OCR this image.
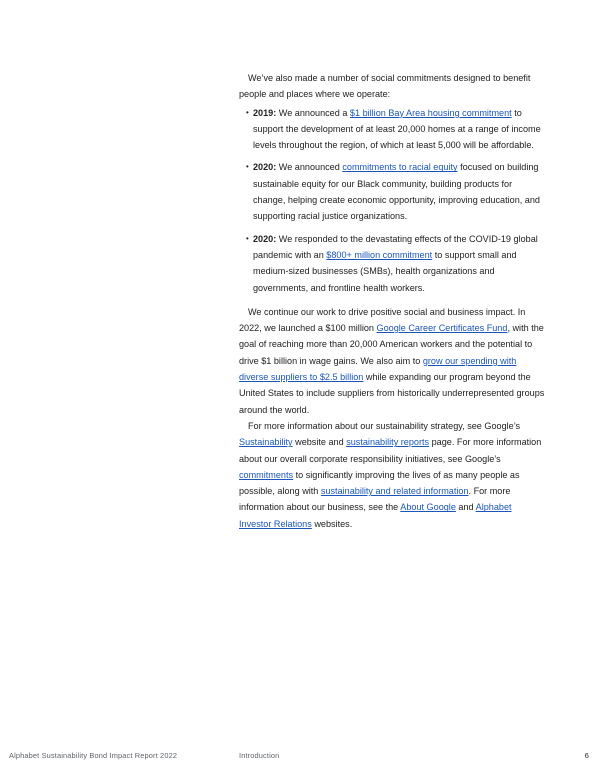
We’ve also made a number of social commitments designed to benefit people and places where we operate:

• 2019: We announced a $1 billion Bay Area housing commitment to support the development of at least 20,000 homes at a range of income levels throughout the region, of which at least 5,000 will be affordable.
• 2020: We announced commitments to racial equity focused on building sustainable equity for our Black community, building products for change, helping create economic opportunity, improving education, and supporting racial justice organizations.
• 2020: We responded to the devastating effects of the COVID-19 global pandemic with an $800+ million commitment to support small and medium-sized businesses (SMBs), health organizations and governments, and frontline health workers.

We continue our work to drive positive social and business impact. In 2022, we launched a $100 million Google Career Certificates Fund, with the goal of reaching more than 20,000 American workers and the potential to drive $1 billion in wage gains. We also aim to grow our spending with diverse suppliers to $2.5 billion while expanding our program beyond the United States to include suppliers from historically underrepresented groups around the world.

For more information about our sustainability strategy, see Google’s Sustainability website and sustainability reports page. For more information about our overall corporate responsibility initiatives, see Google’s commitments to significantly improving the lives of as many people as possible, along with sustainability and related information. For more information about our business, see the About Google and Alphabet Investor Relations websites.

Alphabet Sustainability Bond Impact Report 2022	Introduction	6
